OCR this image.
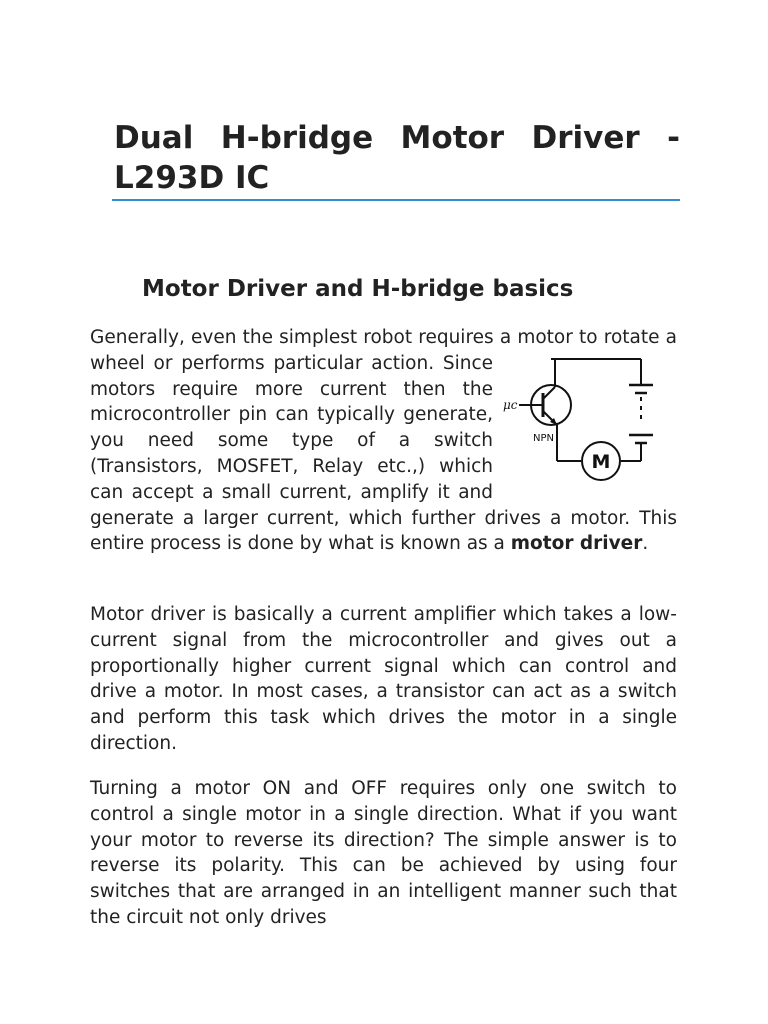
Dual H-bridge Motor Driver -
L293D IC
Motor Driver and H-bridge basics

Generally, even the simplest robot requires a motor to
M
μc
NPN
rotate a wheel or performs particular action. Since motors require more current then the microcontroller pin can typically generate, you need some type of a switch (Transistors, MOSFET, Relay etc.,) which can accept a small current, amplify it and generate a larger current, which further drives a motor. This entire process is done by what is known as a motor driver.

Motor driver is basically a current amplifier which takes a low-current signal from the microcontroller and gives out a proportionally higher current signal which can control and drive a motor. In most cases, a transistor can act as a switch and perform this task which drives the motor in a single direction.

Turning a motor ON and OFF requires only one switch to control a single motor in a single direction. What if you want your motor to reverse its direction? The simple answer is to reverse its polarity. This can be achieved by using four switches that are arranged in an intelligent manner such that the circuit not only drives
